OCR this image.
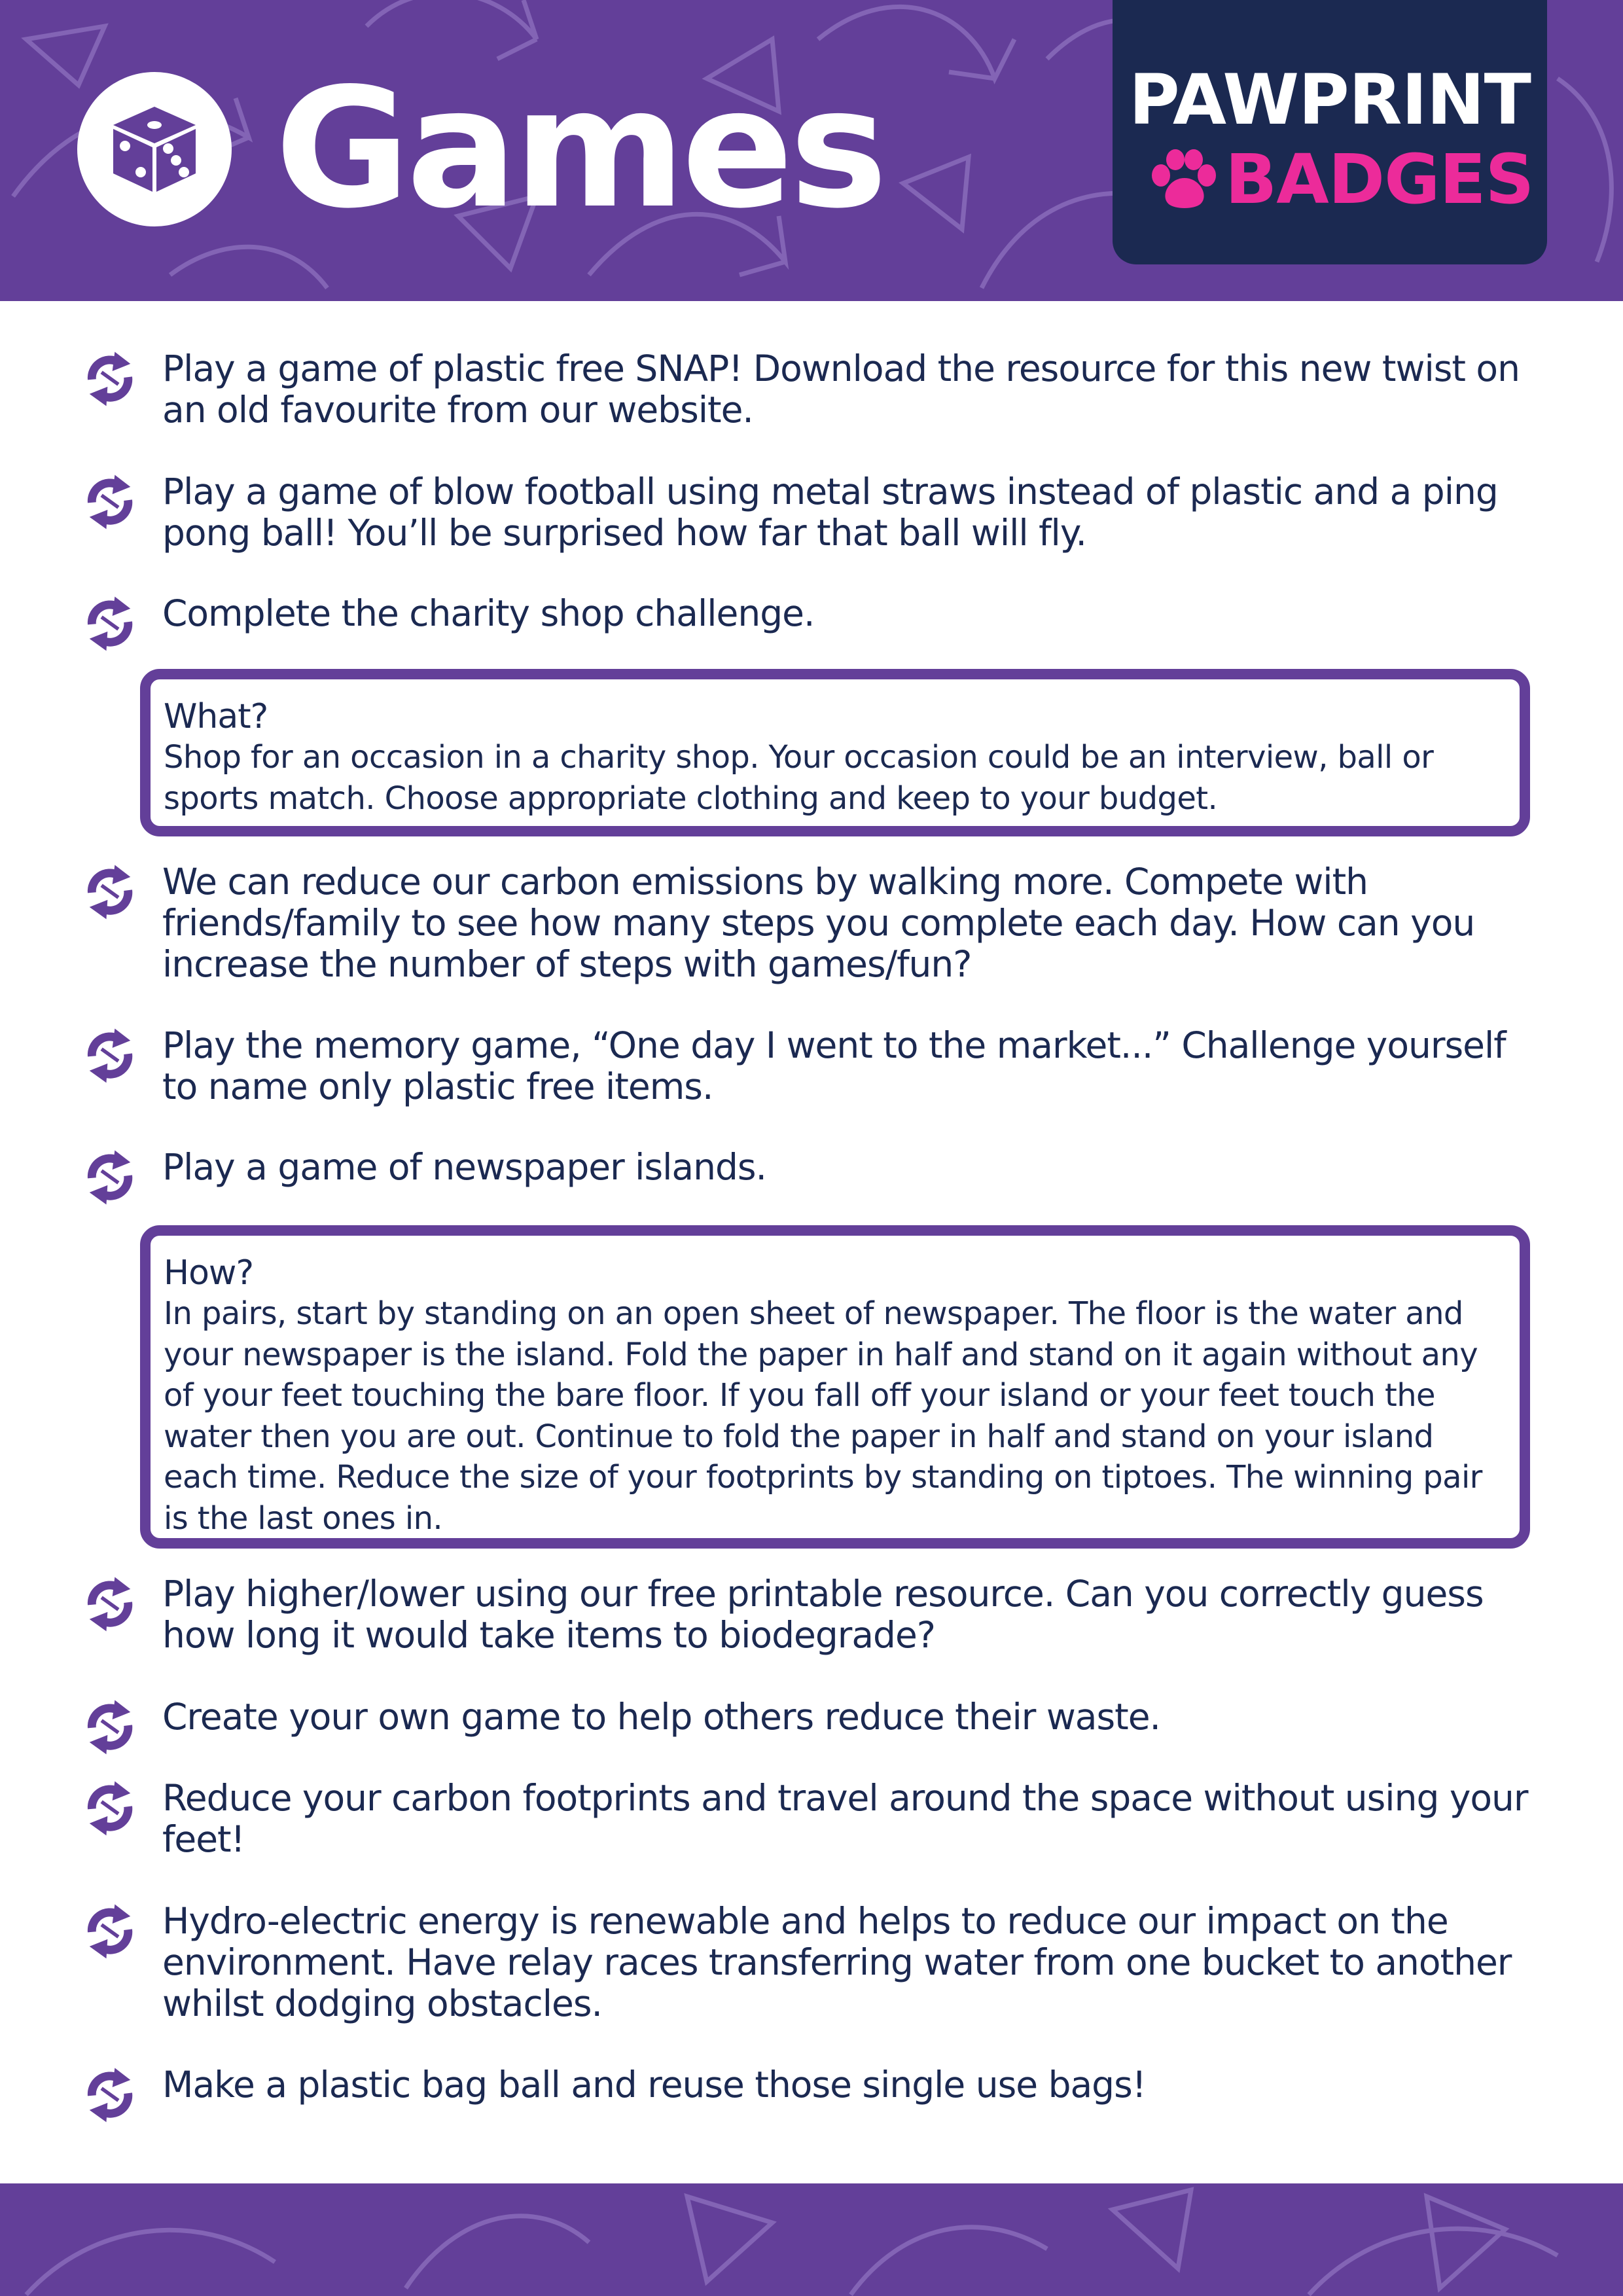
Games	PAWPRINT
BADGES
Play a game of plastic free SNAP! Download the resource for this new twist on an old favourite from our website.
Play a game of blow football using metal straws instead of plastic and a ping pong ball! You’ll be surprised how far that ball will fly.
Complete the charity shop challenge.
What?
Shop for an occasion in a charity shop. Your occasion could be an interview, ball or sports match. Choose appropriate clothing and keep to your budget.
We can reduce our carbon emissions by walking more. Compete with friends/family to see how many steps you complete each day. How can you increase the number of steps with games/fun?
Play the memory game, “One day I went to the market...” Challenge yourself to name only plastic free items.
Play a game of newspaper islands.
How?
In pairs, start by standing on an open sheet of newspaper. The floor is the water and your newspaper is the island. Fold the paper in half and stand on it again without any of your feet touching the bare floor. If you fall off your island or your feet touch the water then you are out. Continue to fold the paper in half and stand on your island each time. Reduce the size of your footprints by standing on tiptoes. The winning pair is the last ones in.
Play higher/lower using our free printable resource. Can you correctly guess how long it would take items to biodegrade?
Create your own game to help others reduce their waste.
Reduce your carbon footprints and travel around the space without using your feet!
Hydro-electric energy is renewable and helps to reduce our impact on the environment. Have relay races transferring water from one bucket to another whilst dodging obstacles.
Make a plastic bag ball and reuse those single use bags!
